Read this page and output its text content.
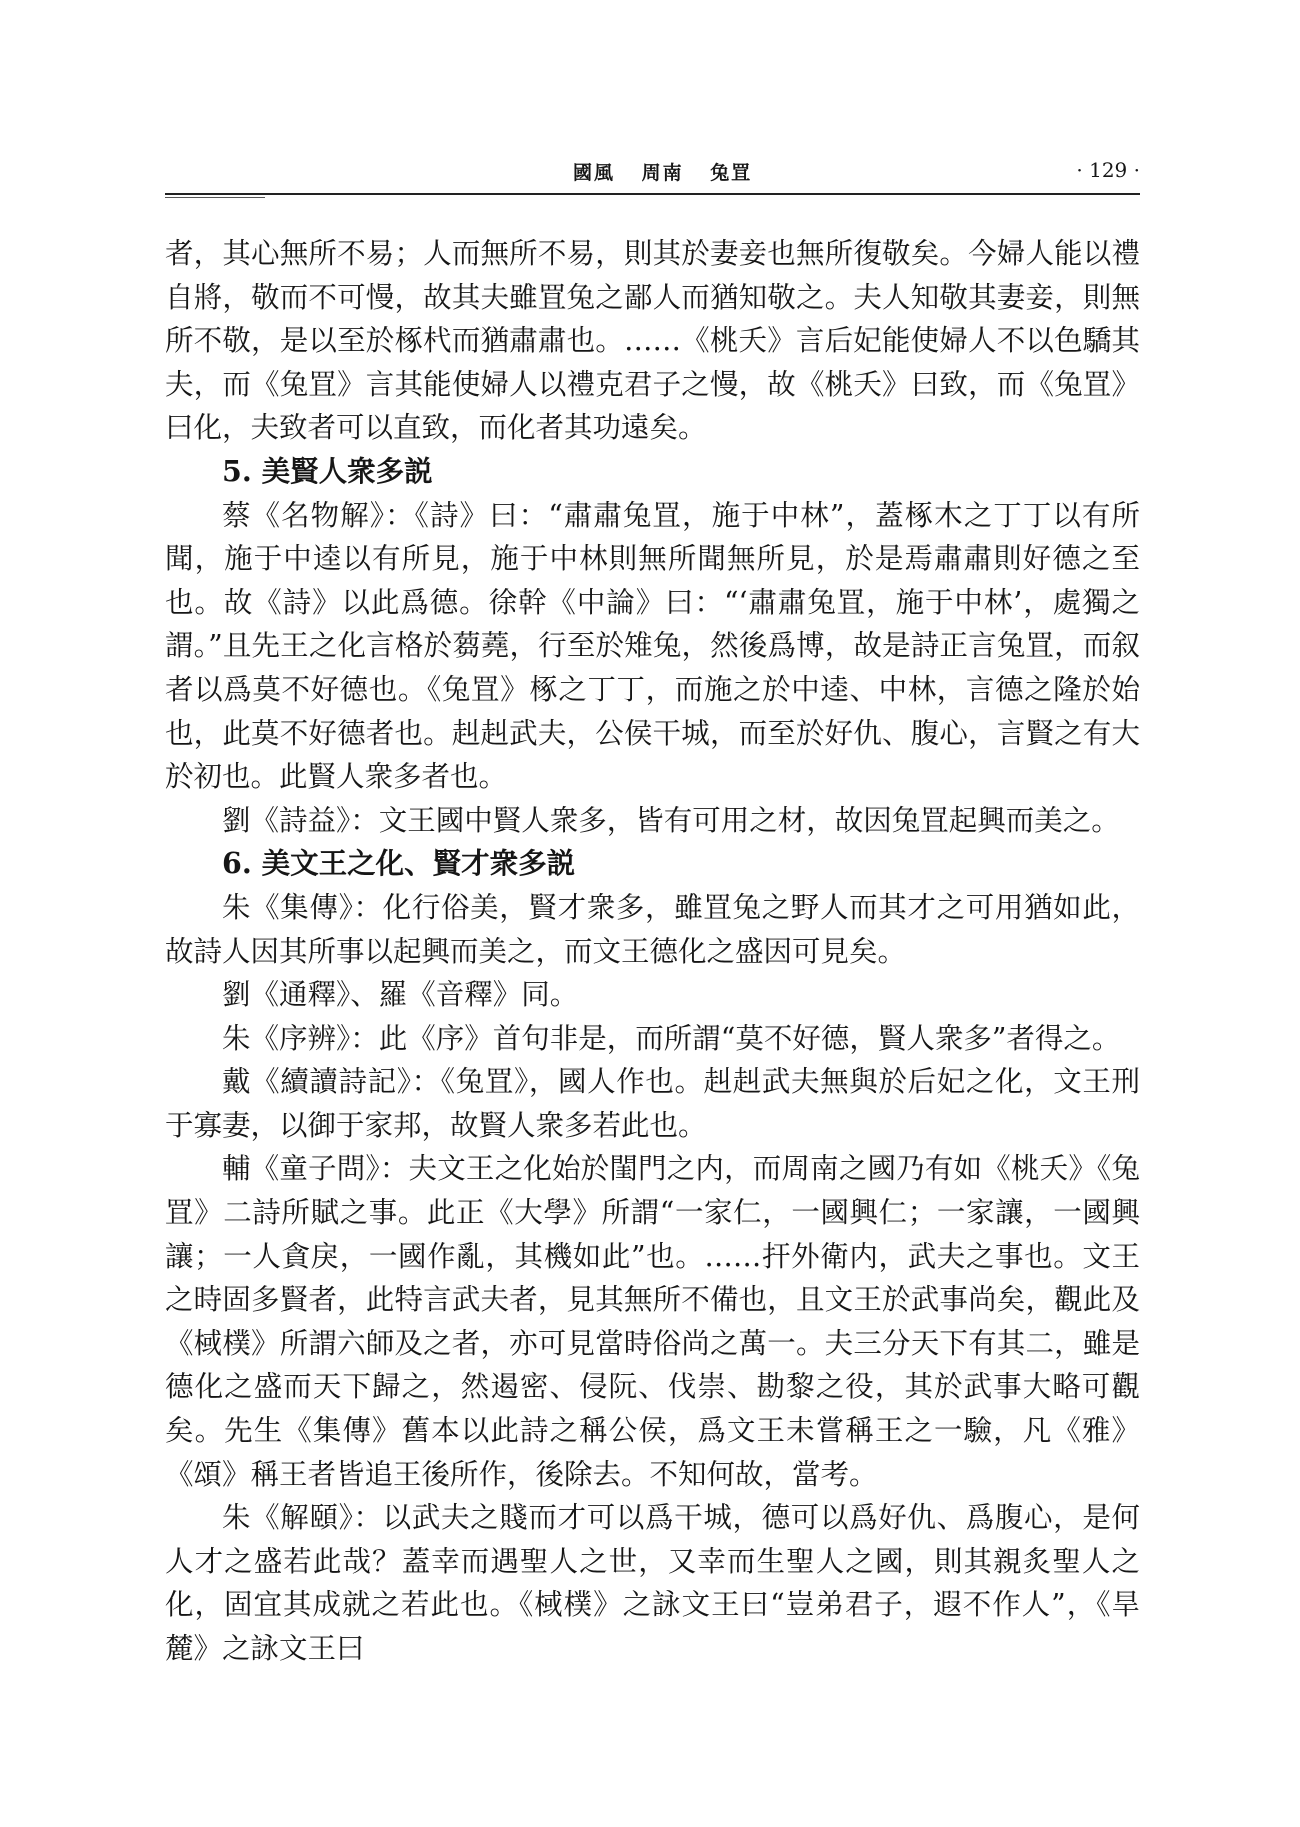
國風 周南 兔罝	· 129 ·

者，其心無所不易；人而無所不易，則其於妻妾也無所復敬矣。今婦人能以禮自將，敬而不可慢，故其夫雖罝兔之鄙人而猶知敬之。夫人知敬其妻妾，則無所不敬，是以至於椓杙而猶肅肅也。……《桃夭》言后妃能使婦人不以色驕其夫，而《兔罝》言其能使婦人以禮克君子之慢，故《桃夭》曰致，而《兔罝》曰化，夫致者可以直致，而化者其功遠矣。

5. 美賢人衆多説

蔡《名物解》：《詩》曰：“肅肅兔罝，施于中林”，蓋椓木之丁丁以有所聞，施于中逵以有所見，施于中林則無所聞無所見，於是焉肅肅則好德之至也。故《詩》以此爲德。徐幹《中論》曰：“‘肅肅兔罝，施于中林’，處獨之謂。”且先王之化言格於蒭蕘，行至於雉兔，然後爲博，故是詩正言兔罝，而叙者以爲莫不好德也。《兔罝》椓之丁丁，而施之於中逵、中林，言德之隆於始也，此莫不好德者也。赳赳武夫，公侯干城，而至於好仇、腹心，言賢之有大於初也。此賢人衆多者也。

劉《詩益》：文王國中賢人衆多，皆有可用之材，故因兔罝起興而美之。

6. 美文王之化、賢才衆多説

朱《集傳》：化行俗美，賢才衆多，雖罝兔之野人而其才之可用猶如此，故詩人因其所事以起興而美之，而文王德化之盛因可見矣。

劉《通釋》、羅《音釋》同。

朱《序辨》：此《序》首句非是，而所謂“莫不好德，賢人衆多”者得之。

戴《續讀詩記》：《兔罝》，國人作也。赳赳武夫無與於后妃之化，文王刑于寡妻，以御于家邦，故賢人衆多若此也。

輔《童子問》：夫文王之化始於閨門之内，而周南之國乃有如《桃夭》《兔罝》二詩所賦之事。此正《大學》所謂“一家仁，一國興仁；一家讓，一國興讓；一人貪戾，一國作亂，其機如此”也。……扞外衛内，武夫之事也。文王之時固多賢者，此特言武夫者，見其無所不備也，且文王於武事尚矣，觀此及《棫樸》所謂六師及之者，亦可見當時俗尚之萬一。夫三分天下有其二，雖是德化之盛而天下歸之，然遏密、侵阮、伐崇、勘黎之役，其於武事大略可觀矣。先生《集傳》舊本以此詩之稱公侯，爲文王未嘗稱王之一驗，凡《雅》《頌》稱王者皆追王後所作，後除去。不知何故，當考。

朱《解頤》：以武夫之賤而才可以爲干城，德可以爲好仇、爲腹心，是何人才之盛若此哉？蓋幸而遇聖人之世，又幸而生聖人之國，則其親炙聖人之化，固宜其成就之若此也。《棫樸》之詠文王曰“豈弟君子，遐不作人”，《旱麓》之詠文王曰
